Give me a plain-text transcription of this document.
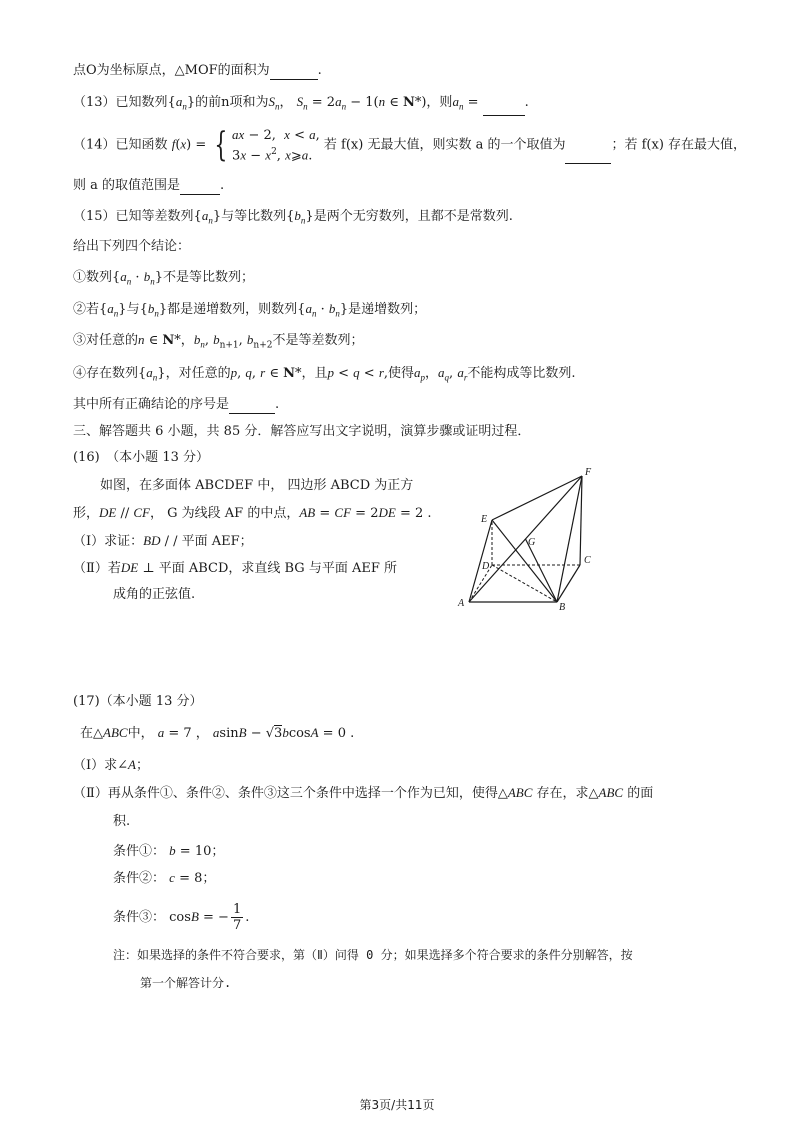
点O为坐标原点，△MOF的面积为	.
（13）已知数列$\{a_n\}$的前n项和为$S_n$， $S_n = 2a_n - 1(n$ ∈ N*)，则$a_n$ =	.
（14）已知函数 f(x) = { ax − 2,  x < a,
$3x - x^2$, x⩾a. 若 f(x) 无最大值，则实数 a 的一个取值为	；若 f(x) 存在最大值，
则 a 的取值范围是	.
（15）已知等差数列$\{a_n\}$与等比数列$\{b_n\}$是两个无穷数列，且都不是常数列.
给出下列四个结论：
①数列$\{a_n \cdot b_n\}$不是等比数列；
②若$\{a_n\}$与$\{b_n\}$都是递增数列，则数列$\{a_n \cdot b_n\}$是递增数列；
③对任意的n ∈ N*，$b_n$, $b_{n+1}$, $b_{n+2}$不是等差数列；
④存在数列$\{a_n\}$，对任意的p, q, r ∈ N*，且p < q < r,使得$a_p$，$a_q$, $a_r$不能构成等比数列.
其中所有正确结论的序号是	.
三、解答题共 6 小题，共 85 分．解答应写出文字说明，演算步骤或证明过程．
(16)　（本小题 13 分）
如图，在多面体 ABCDEF 中， 四边形 ABCD 为正方
形，DE // CF， G 为线段 AF 的中点，AB = CF = 2DE = 2 .
（Ⅰ）求证：BD / / 平面 AEF；
（Ⅱ）若DE ⊥ 平面 ABCD，求直线 BG 与平面 AEF 所
成角的正弦值.
F
E
G
C
D
A	B
(17)（本小题 13 分）
在△ABC中， a = 7 ， asinB − √3bcosA = 0 .
（Ⅰ）求∠A；
（Ⅱ）再从条件①、条件②、条件③这三个条件中选择一个作为已知，使得△ABC 存在，求△ABC 的面
积.
条件①： b = 10；
条件②： c = 8；
条件③： cosB = − $\frac{1}{7}$ .
注：如果选择的条件不符合要求，第（Ⅱ）问得 0 分；如果选择多个符合要求的条件分别解答，按
第一个解答计分.
第3页/共11页
